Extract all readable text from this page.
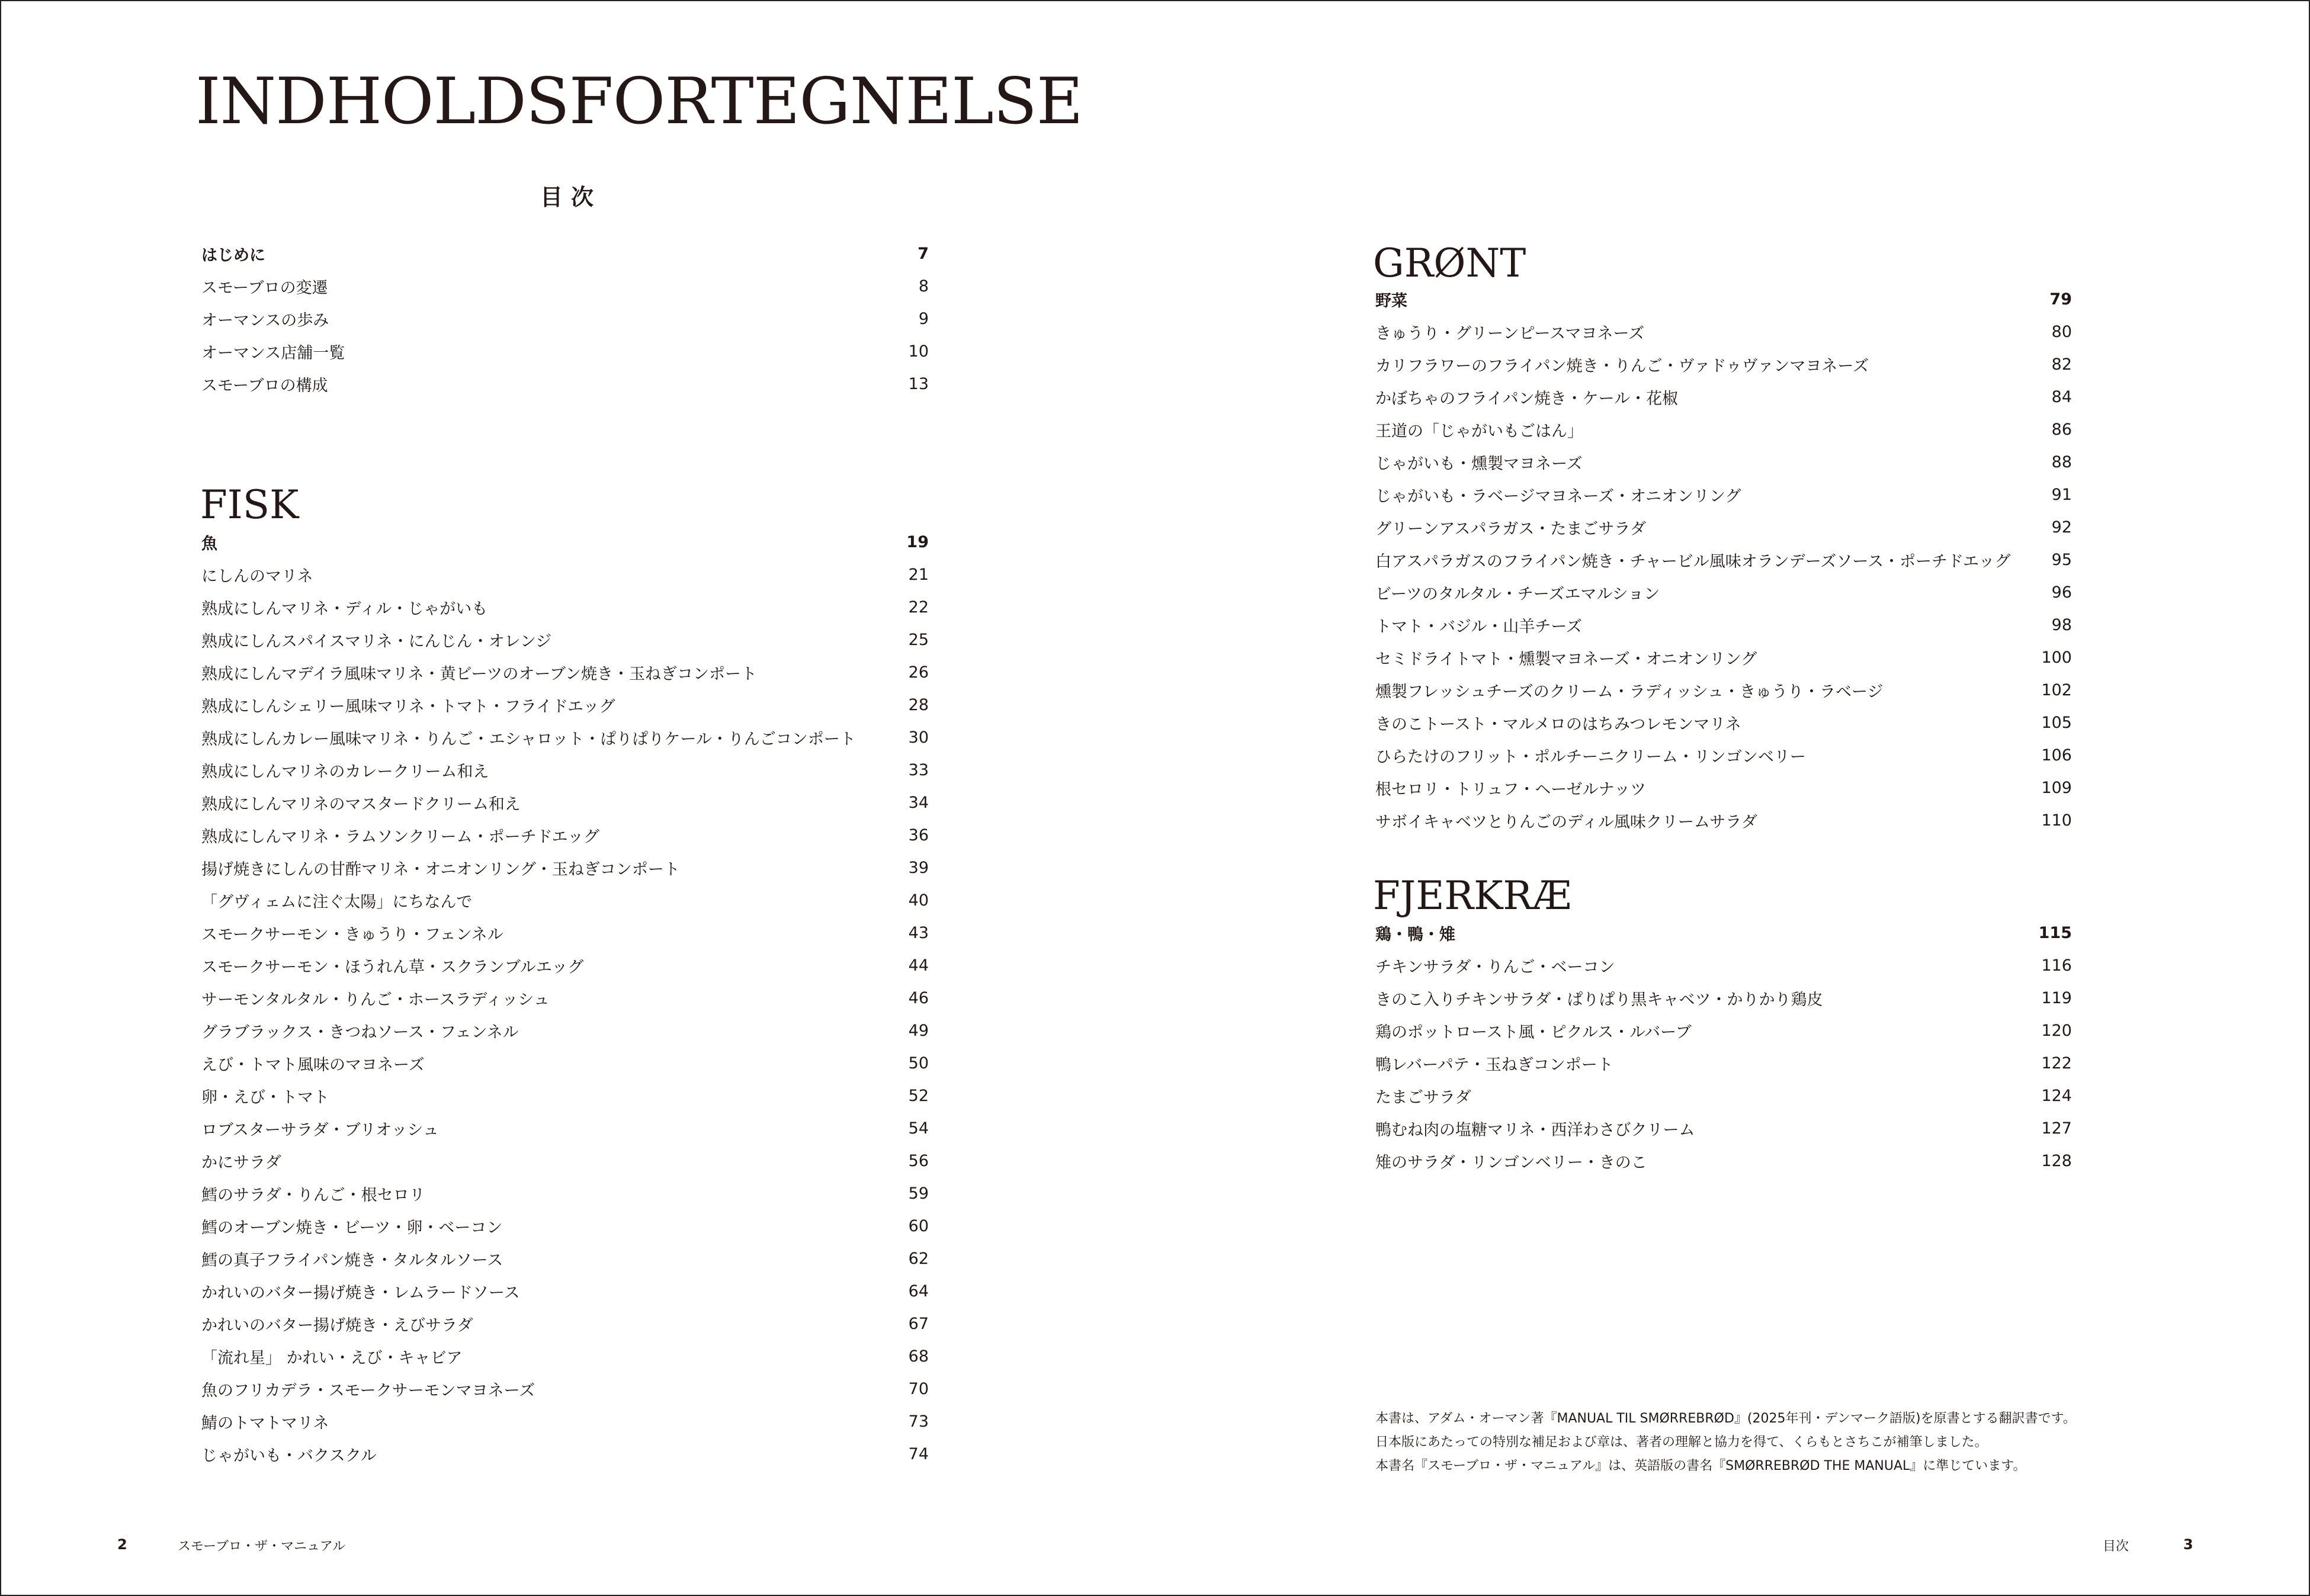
INDHOLDSFORTEGNELSE
目次
はじめに	7
スモーブロの変遷	8
オーマンスの歩み	9
オーマンス店舗一覧	10
スモーブロの構成	13
FISK
魚	19
にしんのマリネ	21
熟成にしんマリネ・ディル・じゃがいも	22
熟成にしんスパイスマリネ・にんじん・オレンジ	25
熟成にしんマデイラ風味マリネ・黄ビーツのオーブン焼き・玉ねぎコンポート	26
熟成にしんシェリー風味マリネ・トマト・フライドエッグ	28
熟成にしんカレー風味マリネ・りんご・エシャロット・ぱりぱりケール・りんごコンポート	30
熟成にしんマリネのカレークリーム和え	33
熟成にしんマリネのマスタードクリーム和え	34
熟成にしんマリネ・ラムソンクリーム・ポーチドエッグ	36
揚げ焼きにしんの甘酢マリネ・オニオンリング・玉ねぎコンポート	39
「グヴィェムに注ぐ太陽」にちなんで	40
スモークサーモン・きゅうり・フェンネル	43
スモークサーモン・ほうれん草・スクランブルエッグ	44
サーモンタルタル・りんご・ホースラディッシュ	46
グラブラックス・きつねソース・フェンネル	49
えび・トマト風味のマヨネーズ	50
卵・えび・トマト	52
ロブスターサラダ・ブリオッシュ	54
かにサラダ	56
鱈のサラダ・りんご・根セロリ	59
鱈のオーブン焼き・ビーツ・卵・ベーコン	60
鱈の真子フライパン焼き・タルタルソース	62
かれいのバター揚げ焼き・レムラードソース	64
かれいのバター揚げ焼き・えびサラダ	67
「流れ星」 かれい・えび・キャビア	68
魚のフリカデラ・スモークサーモンマヨネーズ	70
鯖のトマトマリネ	73
じゃがいも・バクスクル	74
2	スモーブロ・ザ・マニュアル
GRØNT
野菜	79
きゅうり・グリーンピースマヨネーズ	80
カリフラワーのフライパン焼き・りんご・ヴァドゥヴァンマヨネーズ	82
かぼちゃのフライパン焼き・ケール・花椒	84
王道の「じゃがいもごはん」	86
じゃがいも・燻製マヨネーズ	88
じゃがいも・ラベージマヨネーズ・オニオンリング	91
グリーンアスパラガス・たまごサラダ	92
白アスパラガスのフライパン焼き・チャービル風味オランデーズソース・ポーチドエッグ	95
ビーツのタルタル・チーズエマルション	96
トマト・バジル・山羊チーズ	98
セミドライトマト・燻製マヨネーズ・オニオンリング	100
燻製フレッシュチーズのクリーム・ラディッシュ・きゅうり・ラベージ	102
きのこトースト・マルメロのはちみつレモンマリネ	105
ひらたけのフリット・ポルチーニクリーム・リンゴンベリー	106
根セロリ・トリュフ・ヘーゼルナッツ	109
サボイキャベツとりんごのディル風味クリームサラダ	110
FJERKRÆ
鶏・鴨・雉	115
チキンサラダ・りんご・ベーコン	116
きのこ入りチキンサラダ・ぱりぱり黒キャベツ・かりかり鶏皮	119
鶏のポットロースト風・ピクルス・ルバーブ	120
鴨レバーパテ・玉ねぎコンポート	122
たまごサラダ	124
鴨むね肉の塩糖マリネ・西洋わさびクリーム	127
雉のサラダ・リンゴンベリー・きのこ	128

本書は、アダム・オーマン著『MANUAL TIL SMØRREBRØD』(2025年刊・デンマーク語版)を原書とする翻訳書です。

日本版にあたっての特別な補足および章は、著者の理解と協力を得て、くらもとさちこが補筆しました。

本書名『スモーブロ・ザ・マニュアル』は、英語版の書名『SMØRREBRØD THE MANUAL』に準じています。

目次	3
